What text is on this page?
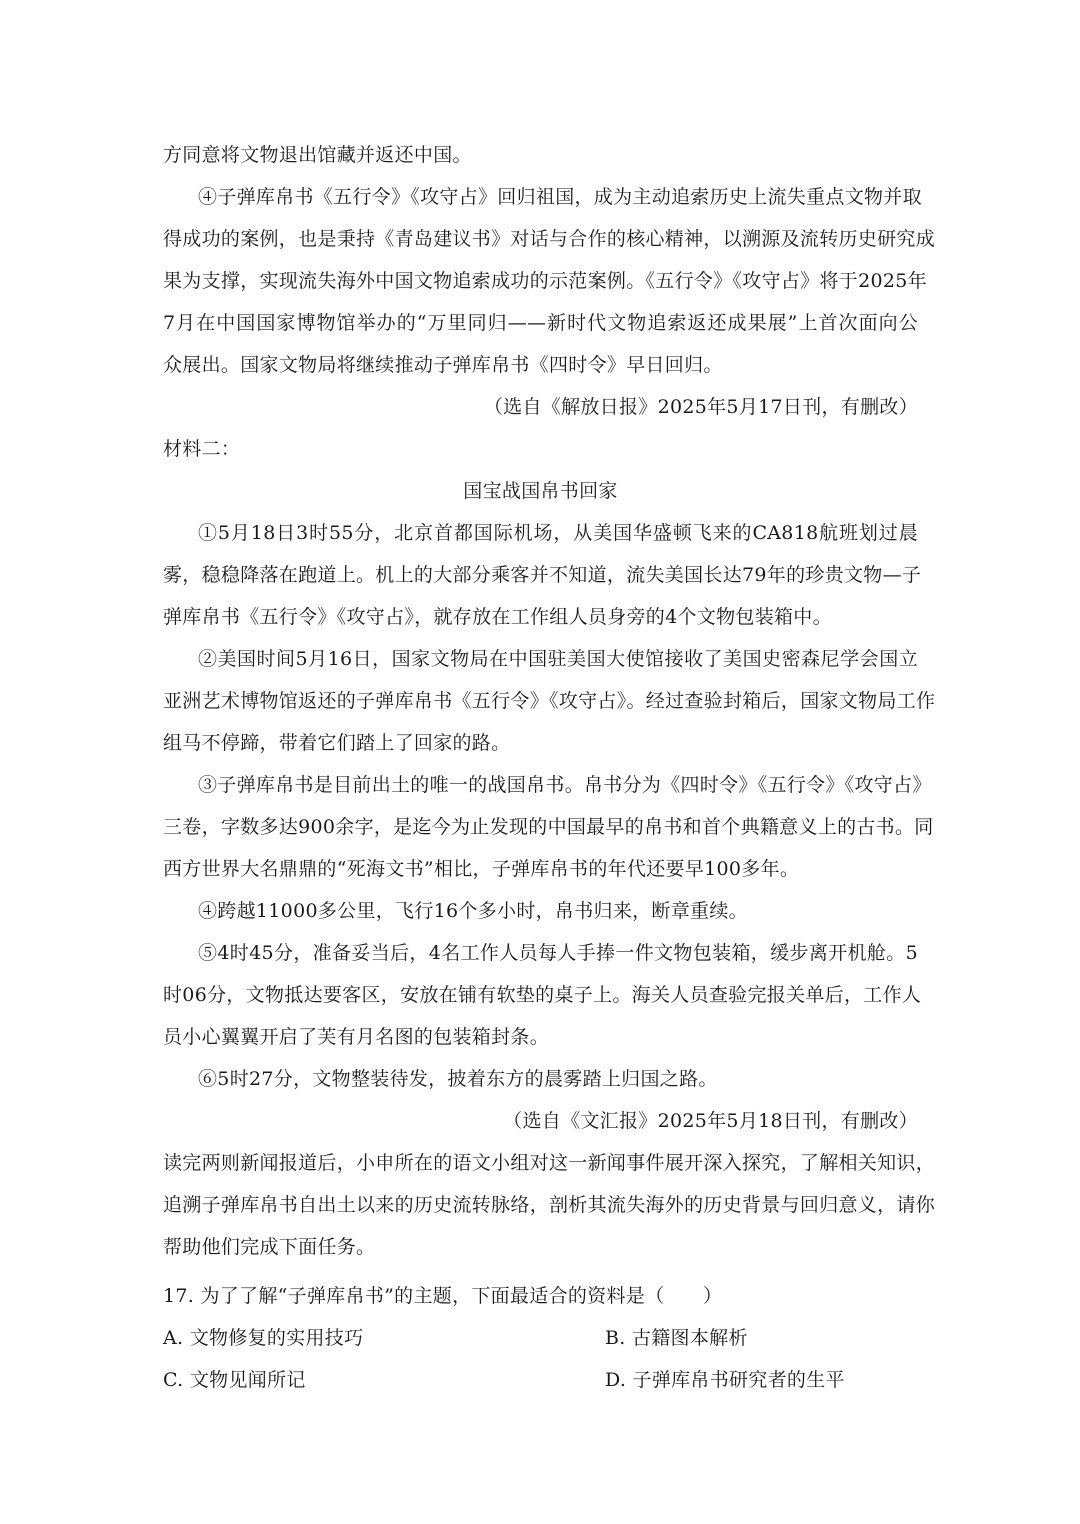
方同意将文物退出馆藏并返还中国。
④子弹库帛书《五行令》《攻守占》回归祖国，成为主动追索历史上流失重点文物并取
得成功的案例，也是秉持《青岛建议书》对话与合作的核心精神，以溯源及流转历史研究成
果为支撑，实现流失海外中国文物追索成功的示范案例。《五行令》《攻守占》将于2025年
7月在中国国家博物馆举办的“万里同归——新时代文物追索返还成果展”上首次面向公
众展出。国家文物局将继续推动子弹库帛书《四时令》早日回归。
（选自《解放日报》2025年5月17日刊，有删改）
材料二：
国宝战国帛书回家
①5月18日3时55分，北京首都国际机场，从美国华盛顿飞来的CA818航班划过晨
雾，稳稳降落在跑道上。机上的大部分乘客并不知道，流失美国长达79年的珍贵文物—子
弹库帛书《五行令》《攻守占》，就存放在工作组人员身旁的4个文物包装箱中。
②美国时间5月16日，国家文物局在中国驻美国大使馆接收了美国史密森尼学会国立
亚洲艺术博物馆返还的子弹库帛书《五行令》《攻守占》。经过查验封箱后，国家文物局工作
组马不停蹄，带着它们踏上了回家的路。
③子弹库帛书是目前出土的唯一的战国帛书。帛书分为《四时令》《五行令》《攻守占》
三卷，字数多达900余字，是迄今为止发现的中国最早的帛书和首个典籍意义上的古书。同
西方世界大名鼎鼎的“死海文书”相比，子弹库帛书的年代还要早100多年。
④跨越11000多公里，飞行16个多小时，帛书归来，断章重续。
⑤4时45分，准备妥当后，4名工作人员每人手捧一件文物包装箱，缓步离开机舱。5
时06分，文物抵达要客区，安放在铺有软垫的桌子上。海关人员查验完报关单后，工作人
员小心翼翼开启了芙有月名图的包装箱封条。
⑥5时27分，文物整装待发，披着东方的晨雾踏上归国之路。
（选自《文汇报》2025年5月18日刊，有删改）
读完两则新闻报道后，小申所在的语文小组对这一新闻事件展开深入探究，了解相关知识，
追溯子弹库帛书自出土以来的历史流转脉络，剖析其流失海外的历史背景与回归意义，请你
帮助他们完成下面任务。
17. 为了了解“子弹库帛书”的主题，下面最适合的资料是（　　）
A. 文物修复的实用技巧	B. 古籍图本解析
C. 文物见闻所记	D. 子弹库帛书研究者的生平
